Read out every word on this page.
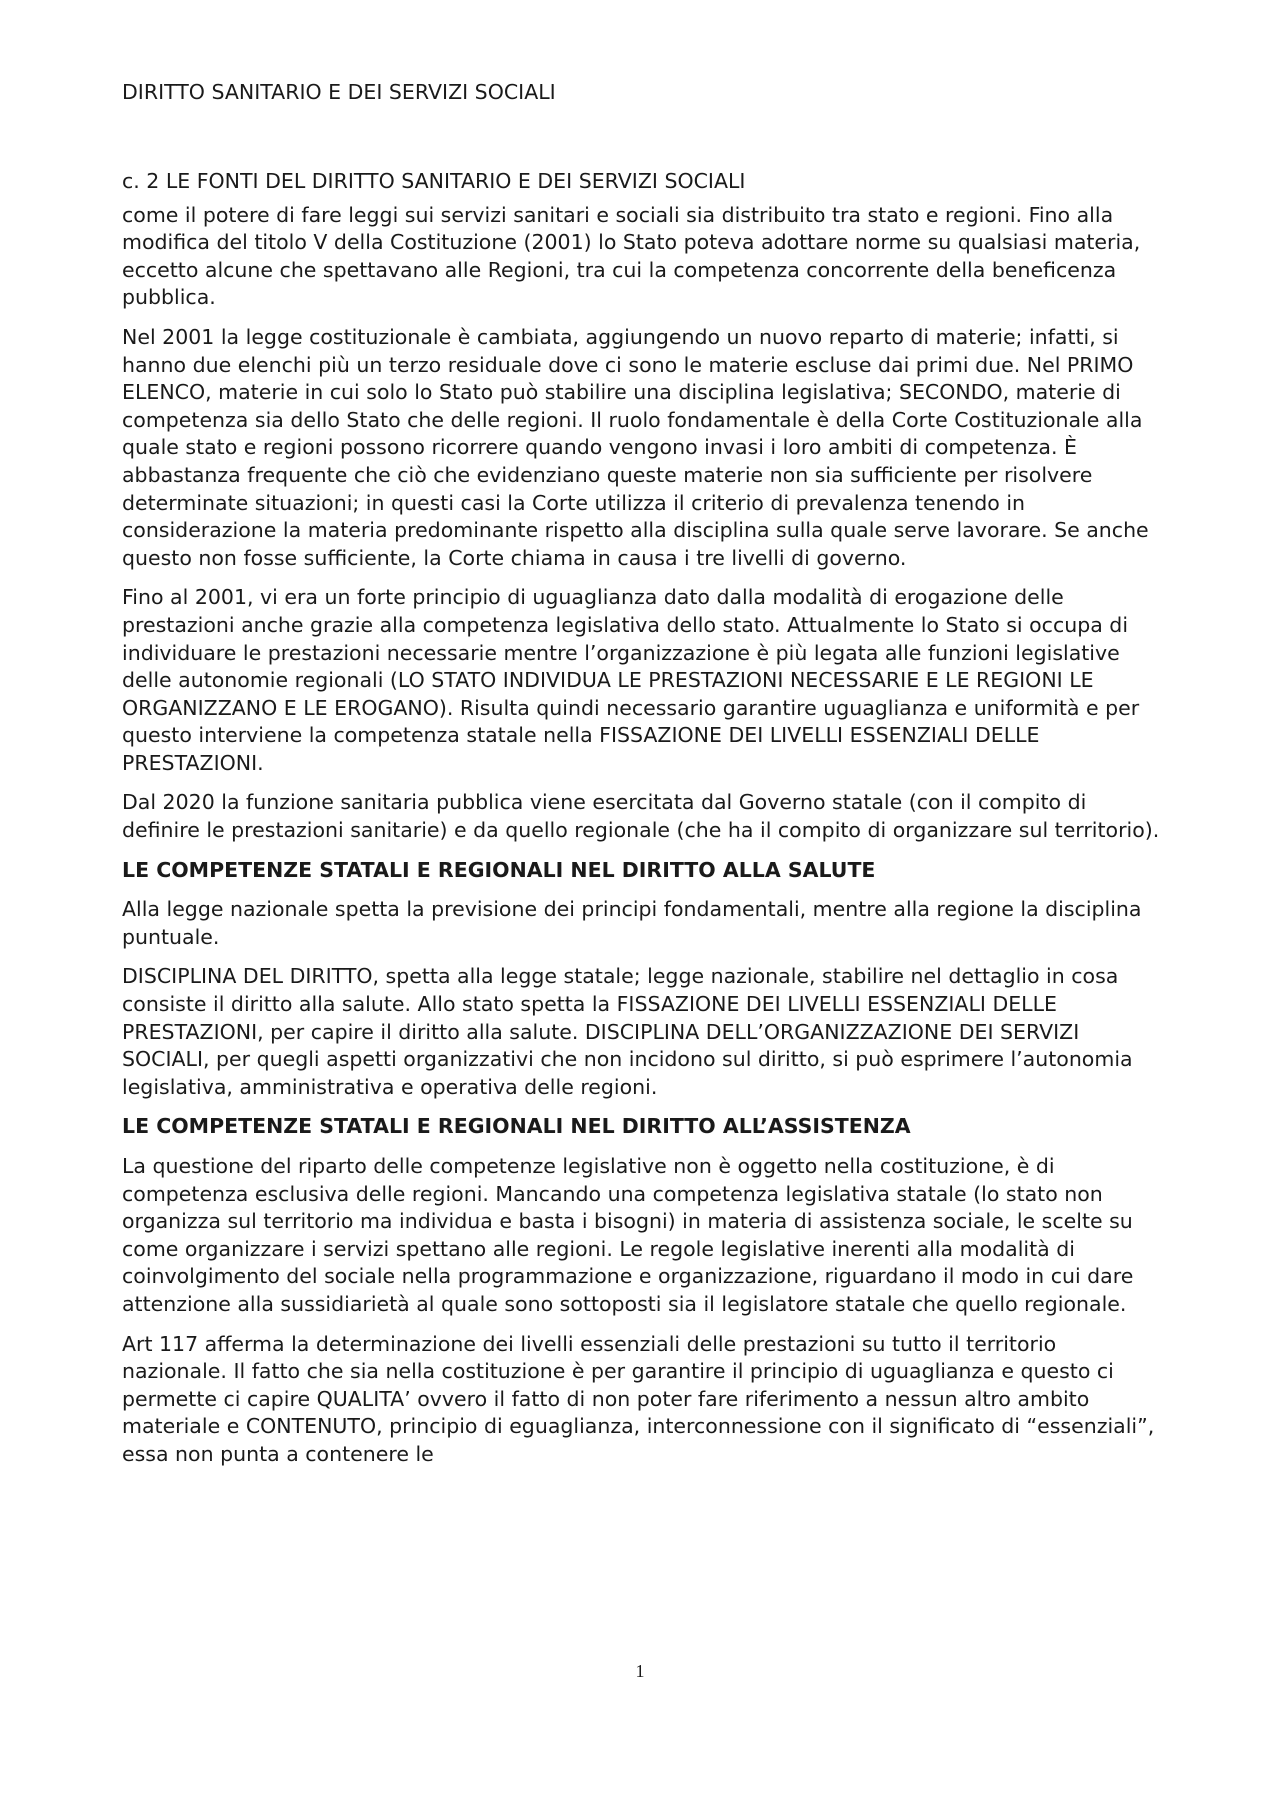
DIRITTO SANITARIO E DEI SERVIZI SOCIALI

c. 2 LE FONTI DEL DIRITTO SANITARIO E DEI SERVIZI SOCIALI

come il potere di fare leggi sui servizi sanitari e sociali sia distribuito tra stato e regioni. Fino alla modifica del titolo V della Costituzione (2001) lo Stato poteva adottare norme su qualsiasi materia, eccetto alcune che spettavano alle Regioni, tra cui la competenza concorrente della beneficenza pubblica.

Nel 2001 la legge costituzionale è cambiata, aggiungendo un nuovo reparto di materie; infatti, si hanno due elenchi più un terzo residuale dove ci sono le materie escluse dai primi due. Nel PRIMO ELENCO, materie in cui solo lo Stato può stabilire una disciplina legislativa; SECONDO, materie di competenza sia dello Stato che delle regioni. Il ruolo fondamentale è della Corte Costituzionale alla quale stato e regioni possono ricorrere quando vengono invasi i loro ambiti di competenza. È abbastanza frequente che ciò che evidenziano queste materie non sia sufficiente per risolvere determinate situazioni; in questi casi la Corte utilizza il criterio di prevalenza tenendo in considerazione la materia predominante rispetto alla disciplina sulla quale serve lavorare. Se anche questo non fosse sufficiente, la Corte chiama in causa i tre livelli di governo.

Fino al 2001, vi era un forte principio di uguaglianza dato dalla modalità di erogazione delle prestazioni anche grazie alla competenza legislativa dello stato. Attualmente lo Stato si occupa di individuare le prestazioni necessarie mentre l’organizzazione è più legata alle funzioni legislative delle autonomie regionali (LO STATO INDIVIDUA LE PRESTAZIONI NECESSARIE E LE REGIONI LE ORGANIZZANO E LE EROGANO). Risulta quindi necessario garantire uguaglianza e uniformità e per questo interviene la competenza statale nella FISSAZIONE DEI LIVELLI ESSENZIALI DELLE PRESTAZIONI.

Dal 2020 la funzione sanitaria pubblica viene esercitata dal Governo statale (con il compito di definire le prestazioni sanitarie) e da quello regionale (che ha il compito di organizzare sul territorio).

LE COMPETENZE STATALI E REGIONALI NEL DIRITTO ALLA SALUTE

Alla legge nazionale spetta la previsione dei principi fondamentali, mentre alla regione la disciplina puntuale.

DISCIPLINA DEL DIRITTO, spetta alla legge statale; legge nazionale, stabilire nel dettaglio in cosa consiste il diritto alla salute. Allo stato spetta la FISSAZIONE DEI LIVELLI ESSENZIALI DELLE PRESTAZIONI, per capire il diritto alla salute. DISCIPLINA DELL’ORGANIZZAZIONE DEI SERVIZI SOCIALI, per quegli aspetti organizzativi che non incidono sul diritto, si può esprimere l’autonomia legislativa, amministrativa e operativa delle regioni.

LE COMPETENZE STATALI E REGIONALI NEL DIRITTO ALL’ASSISTENZA

La questione del riparto delle competenze legislative non è oggetto nella costituzione, è di competenza esclusiva delle regioni. Mancando una competenza legislativa statale (lo stato non organizza sul territorio ma individua e basta i bisogni) in materia di assistenza sociale, le scelte su come organizzare i servizi spettano alle regioni. Le regole legislative inerenti alla modalità di coinvolgimento del sociale nella programmazione e organizzazione, riguardano il modo in cui dare attenzione alla sussidiarietà al quale sono sottoposti sia il legislatore statale che quello regionale.

Art 117 afferma la determinazione dei livelli essenziali delle prestazioni su tutto il territorio nazionale. Il fatto che sia nella costituzione è per garantire il principio di uguaglianza e questo ci permette ci capire QUALITA’ ovvero il fatto di non poter fare riferimento a nessun altro ambito materiale e CONTENUTO, principio di eguaglianza, interconnessione con il significato di “essenziali”, essa non punta a contenere le

1
